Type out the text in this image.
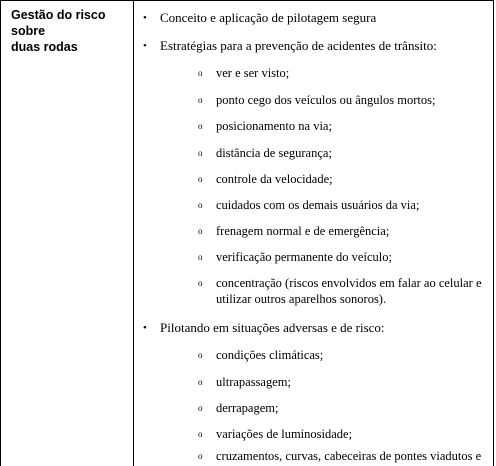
Gestão do risco sobre
duas rodas
•	Conceito e aplicação de pilotagem segura
•	Estratégias para a prevenção de acidentes de trânsito:
o ver e ser visto;
o ponto cego dos veículos ou ângulos mortos;
o posicionamento na via;
o distância de segurança;
o controle da velocidade;
o cuidados com os demais usuários da via;
o frenagem normal e de emergência;
o verificação permanente do veículo;
o concentração (riscos envolvidos em falar ao celular e
utilizar outros aparelhos sonoros).
•	Pilotando em situações adversas e de risco:
o condições climáticas;
o ultrapassagem;
o derrapagem;
o variações de luminosidade;
o cruzamentos, curvas, cabeceiras de pontes viadutos e
